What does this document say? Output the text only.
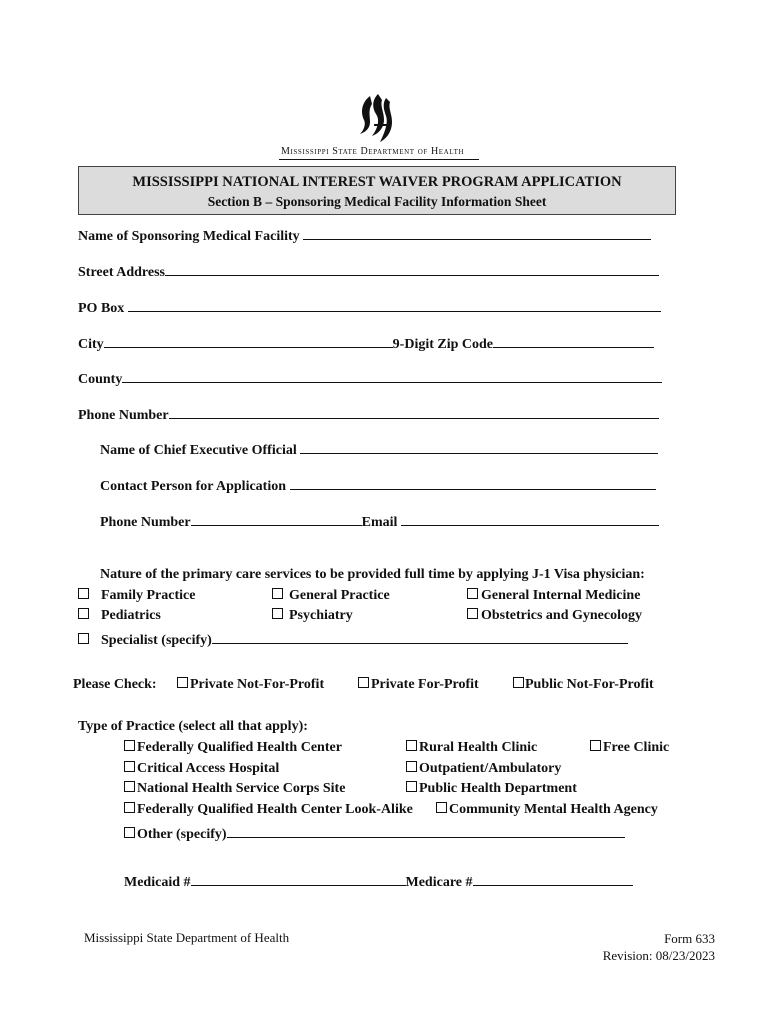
Mississippi State Department of Health
MISSISSIPPI NATIONAL INTEREST WAIVER PROGRAM APPLICATION
Section B – Sponsoring Medical Facility Information Sheet
Name of Sponsoring Medical Facility
Street Address
PO Box
City	9-Digit Zip Code
County
Phone Number
Name of Chief Executive Official
Contact Person for Application
Phone Number	Email
Nature of the primary care services to be provided full time by applying J-1 Visa physician:
Family Practice	General Practice	General Internal Medicine
Pediatrics	Psychiatry	Obstetrics and Gynecology
Specialist (specify)
Please Check:	Private Not-For-Profit	Private For-Profit	Public Not-For-Profit
Type of Practice (select all that apply):
Federally Qualified Health Center	Rural Health Clinic	Free Clinic
Critical Access Hospital	Outpatient/Ambulatory
National Health Service Corps Site	Public Health Department
Federally Qualified Health Center Look-Alike	Community Mental Health Agency
Other (specify)
Medicaid #	Medicare #
Mississippi State Department of Health	Form 633
Revision: 08/23/2023
